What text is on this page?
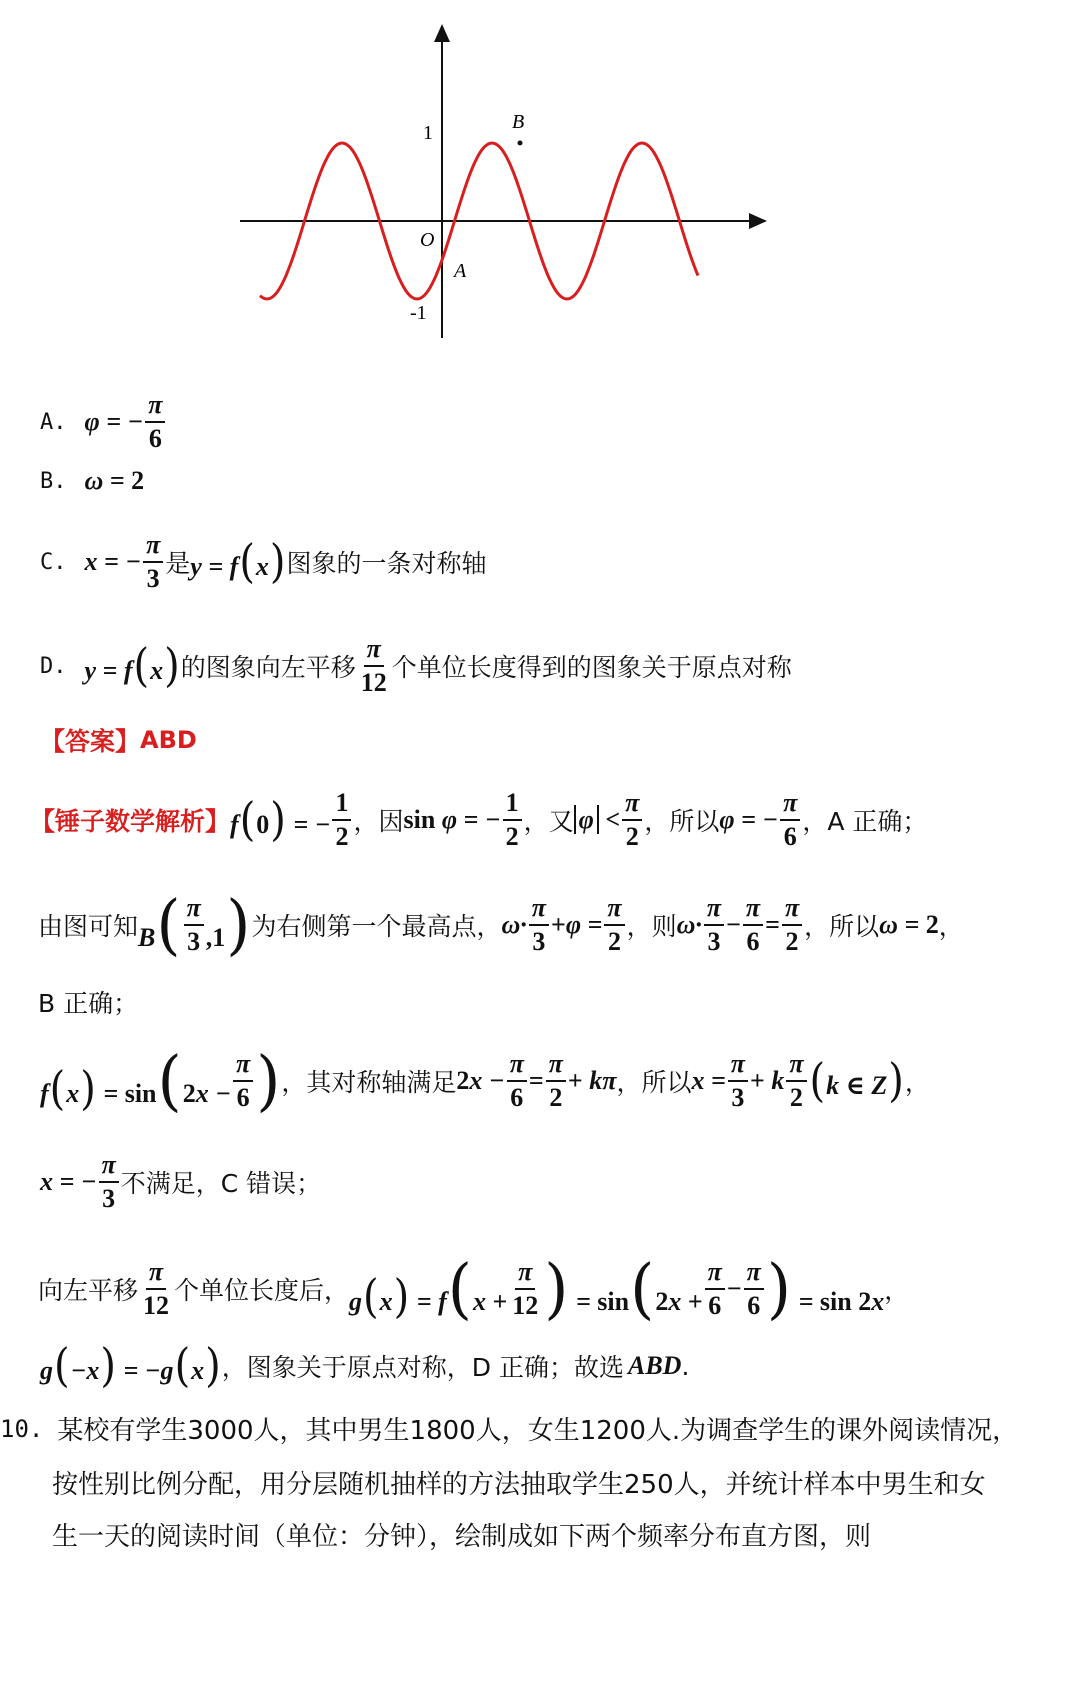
1
-1
O
A
B
A. φ = − $\frac{\pi}{6}$
B. ω = 2
C. x = − $\frac{\pi}{3}$ 是 y = f(x) 图象的一条对称轴
D. y = f(x) 的图象向左平移 $\frac{\pi}{12}$ 个单位长度得到的图象关于原点对称
【答案】 ABD
【锤子数学解析】 f(0) = − $\frac{1}{2}$ ，因 sin φ = − $\frac{1}{2}$ ，又 $\varphi < \frac{\pi}{2}$ ，所以 φ = − $\frac{\pi}{6}$ ，A 正确；
由图可知 $B( \frac{\pi}{3} ,1)$ 为右侧第一个最高点， $\omega\cdot \frac{\pi}{3} +\varphi = \frac{\pi}{2}$ ，则 $\omega\cdot \frac{\pi}{3} - \frac{\pi}{6} = \frac{\pi}{2}$ ，所以 ω = 2 ，
B 正确；
$f(x) = \sin(2x - \frac{\pi}{6}$ ) ，其对称轴满足 $2x - \frac{\pi}{6} = \frac{\pi}{2} + k\pi$ ，所以 $x = \frac{\pi}{3} + k \frac{\pi}{2} (k$ ∈ Z) ，
x = − $\frac{\pi}{3}$ 不满足，C 错误；
向左平移 $\frac{\pi}{12}$ 个单位长度后， $g(x) = f(x + \frac{\pi}{12}$ ) = $\sin(2x + \frac{\pi}{6} - \frac{\pi}{6}$ ) = sin 2x ，
g(−x) = −g(x) ，图象关于原点对称，D 正确；故选 ABD .
10. 某校有学生3000人，其中男生1800人，女生1200人.为调查学生的课外阅读情况，
按性别比例分配，用分层随机抽样的方法抽取学生250人，并统计样本中男生和女
生一天的阅读时间（单位：分钟），绘制成如下两个频率分布直方图，则
